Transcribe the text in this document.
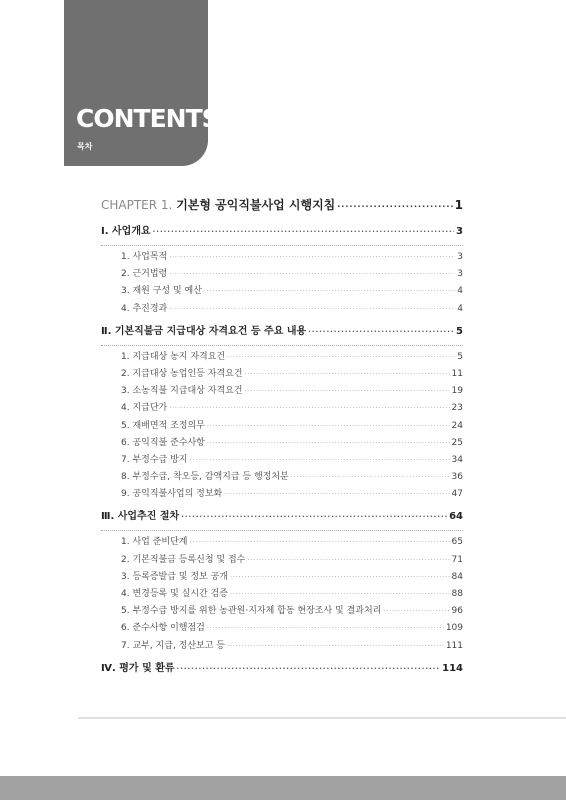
CONTENTS
목차
CHAPTER 1. 기본형 공익직불사업 시행지침 ·····	1
Ⅰ. 사업개요 ·····	3
1. 사업목적 ·····	3
2. 근거법령 ·····	3
3. 재원 구성 및 예산 ·····	4
4. 추진경과 ·····	4
Ⅱ. 기본직불금 지급대상 자격요건 등 주요 내용 ·····	5
1. 지급대상 농지 자격요건 ·····	5
2. 지급대상 농업인등 자격요건 ·····	11
3. 소농직불 지급대상 자격요건 ·····	19
4. 지급단가 ·····	23
5. 재배면적 조정의무 ·····	24
6. 공익직불 준수사항 ·····	25
7. 부정수급 방지 ·····	34
8. 부정수급, 착오등, 감액지급 등 행정처분 ·····	36
9. 공익직불사업의 정보화 ·····	47
Ⅲ. 사업추진 절차 ·····	64
1. 사업 준비단계 ·····	65
2. 기본직불금 등록신청 및 접수 ·····	71
3. 등록증발급 및 정보 공개 ·····	84
4. 변경등록 및 실시간 검증 ·····	88
5. 부정수급 방지를 위한 농관원·지자체 합동 현장조사 및 결과처리 ·····	96
6. 준수사항 이행점검 ·····	109
7. 교부, 지급, 정산보고 등 ·····	111
Ⅳ. 평가 및 환류 ·····	114
